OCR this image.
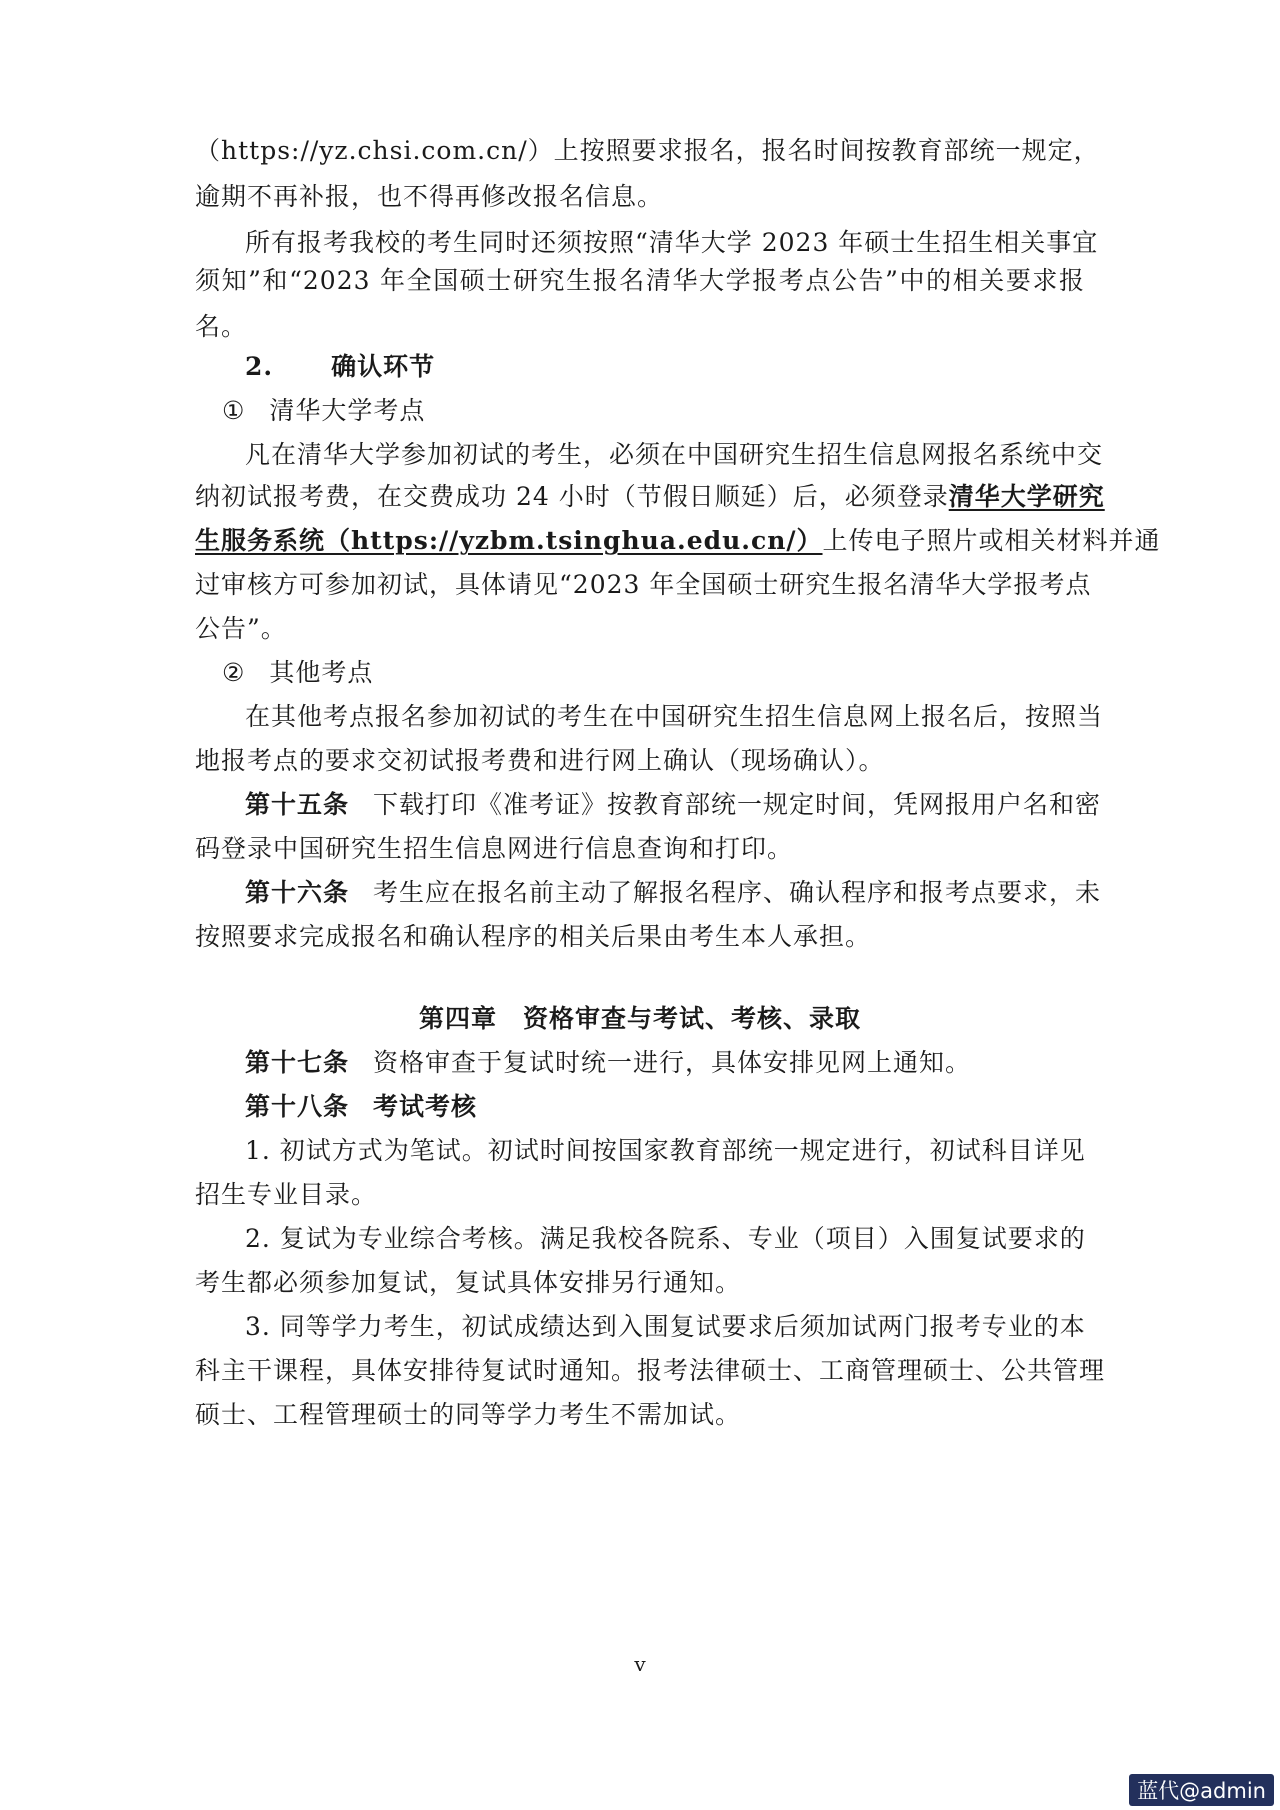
（https://yz.chsi.com.cn/）上按照要求报名，报名时间按教育部统一规定，
逾期不再补报，也不得再修改报名信息。
所有报考我校的考生同时还须按照“清华大学 2023 年硕士生招生相关事宜
须知”和“2023 年全国硕士研究生报名清华大学报考点公告”中的相关要求报
名。
2. 确认环节
① 清华大学考点
凡在清华大学参加初试的考生，必须在中国研究生招生信息网报名系统中交
纳初试报考费，在交费成功 24 小时（节假日顺延）后，必须登录清华大学研究
生服务系统（https://yzbm.tsinghua.edu.cn/）上传电子照片或相关材料并通
过审核方可参加初试，具体请见“2023 年全国硕士研究生报名清华大学报考点
公告”。
② 其他考点
在其他考点报名参加初试的考生在中国研究生招生信息网上报名后，按照当
地报考点的要求交初试报考费和进行网上确认（现场确认）。
第十五条 下载打印《准考证》按教育部统一规定时间，凭网报用户名和密
码登录中国研究生招生信息网进行信息查询和打印。
第十六条 考生应在报名前主动了解报名程序、确认程序和报考点要求，未
按照要求完成报名和确认程序的相关后果由考生本人承担。
第四章　资格审查与考试、考核、录取
第十七条 资格审查于复试时统一进行，具体安排见网上通知。
第十八条 考试考核
1. 初试方式为笔试。初试时间按国家教育部统一规定进行，初试科目详见
招生专业目录。
2. 复试为专业综合考核。满足我校各院系、专业（项目）入围复试要求的
考生都必须参加复试，复试具体安排另行通知。
3. 同等学力考生，初试成绩达到入围复试要求后须加试两门报考专业的本
科主干课程，具体安排待复试时通知。报考法律硕士、工商管理硕士、公共管理
硕士、工程管理硕士的同等学力考生不需加试。
v
蓝代@admin
